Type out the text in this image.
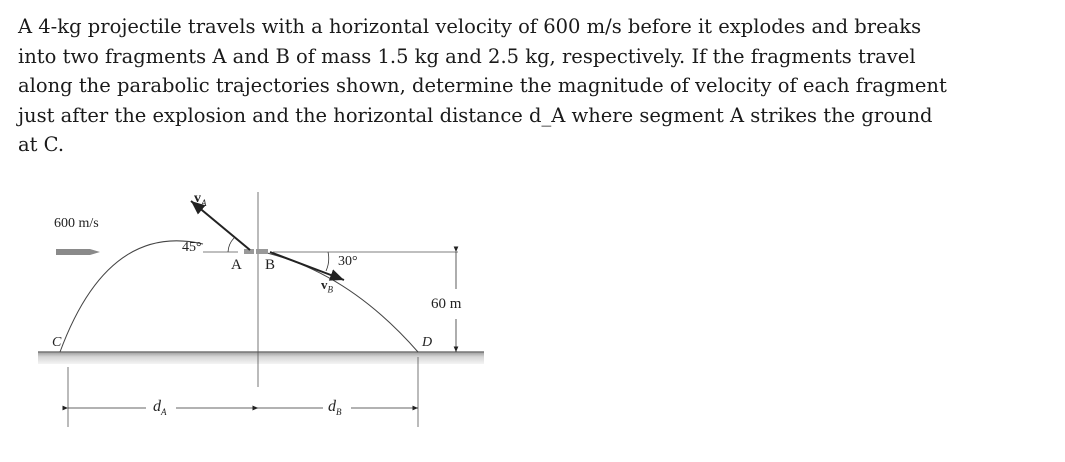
A 4-kg projectile travels with a horizontal velocity of 600 m/s before it explodes and breaks
into two fragments A and B of mass 1.5 kg and 2.5 kg, respectively. If the fragments travel
along the parabolic trajectories shown, determine the magnitude of velocity of each fragment
just after the explosion and the horizontal distance d_A where segment A strikes the ground
at C.
600 m/s
$v_A$
45°
A B	30°
$v_B$
60 m
C	D
$d_A$	$d_B$
